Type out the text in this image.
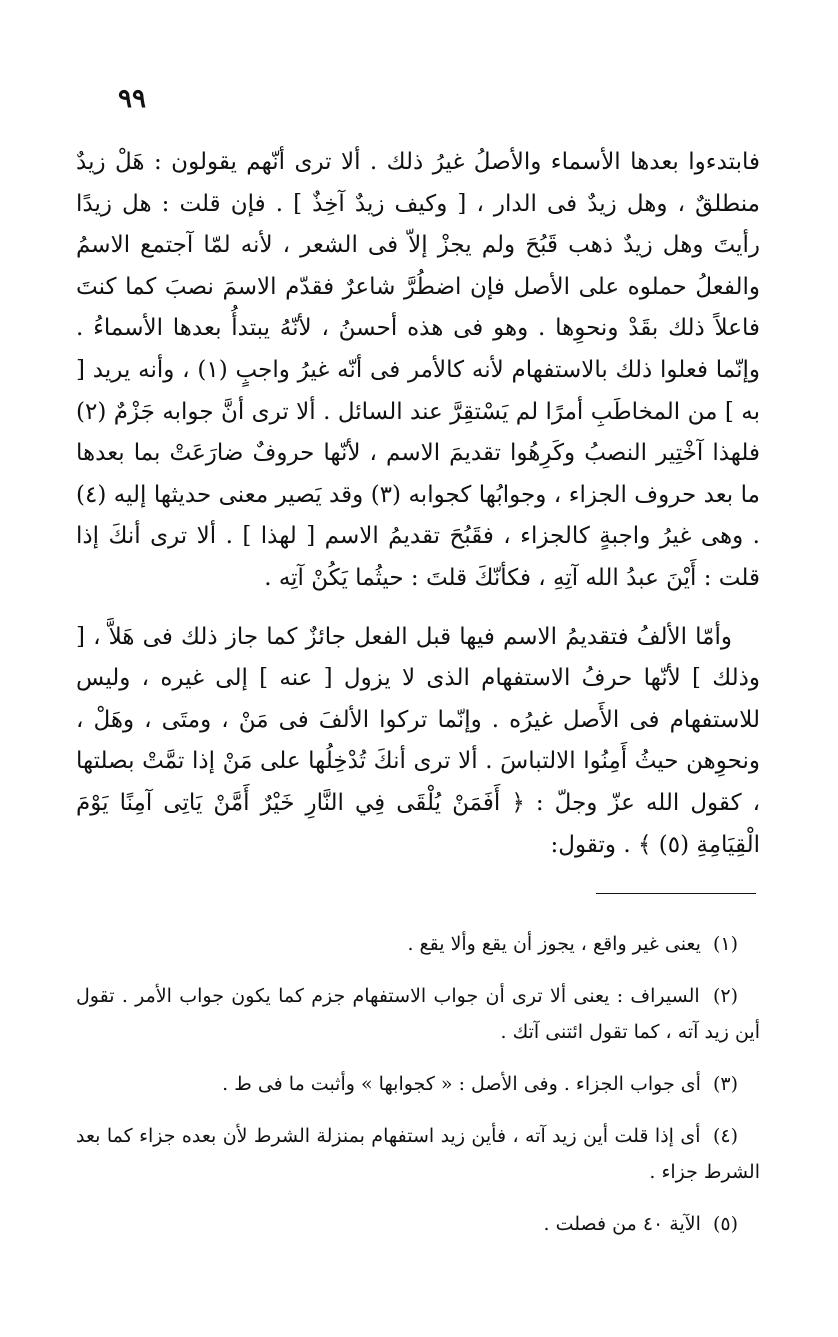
٩٩

فابتدءوا بعدها الأسماء والأصلُ غيرُ ذلك . ألا ترى أنّهم يقولون : هَلْ زيدٌ منطلقٌ ، وهل زيدٌ فى الدار ، [ وكيف زيدٌ آخِذٌ ] . فإن قلت : هل زيدًا رأيتَ وهل زيدٌ ذهب قَبُحَ ولم يجزْ إلاّ فى الشعر ، لأنه لمّا آجتمع الاسمُ والفعلُ حملوه على الأصل فإن اضطُرَّ شاعرٌ فقدّم الاسمَ نصبَ كما كنتَ فاعلاً ذلك بقَدْ ونحوِها . وهو فى هذه أحسنُ ، لأنّهُ يبتدأُ بعدها الأسماءُ . وإنّما فعلوا ذلك بالاستفهام لأنه كالأمر فى أنّه غيرُ واجبٍ (١) ، وأنه يريد [ به ] من المخاطَبِ أمرًا لم يَسْتقِرَّ عند السائل . ألا ترى أنَّ جوابه جَزْمٌ (٢) فلهذا آخْتِير النصبُ وكَرِهُوا تقديمَ الاسم ، لأنّها حروفٌ ضارَعَتْ بما بعدها ما بعد حروف الجزاء ، وجوابُها كجوابه (٣) وقد يَصير معنى حديثها إليه (٤) . وهى غيرُ واجبةٍ كالجزاء ، فقَبُحَ تقديمُ الاسم [ لهذا ] . ألا ترى أنكَ إذا قلت : أَيْنَ عبدُ الله آتِهِ ، فكأنّكَ قلتَ : حيثُما يَكُنْ آتِه .

وأمّا الألفُ فتقديمُ الاسم فيها قبل الفعل جائزٌ كما جاز ذلك فى هَلاَّ ، [ وذلك ] لأنّها حرفُ الاستفهام الذى لا يزول [ عنه ] إلى غيره ، وليس للاستفهام فى الأَصل غيرُه . وإنّما تركوا الألفَ فى مَنْ ، ومتَى ، وهَلْ ، ونحوِهن حيثُ أَمِنُوا الالتباسَ . ألا ترى أنكَ تُدْخِلُها على مَنْ إذا تمَّتْ بصلتها ، كقول الله عزّ وجلّ : ﴿ أَفَمَنْ يُلْقَى فِي النَّارِ خَيْرٌ أَمَّنْ يَاتِى آمِنًا يَوْمَ الْقِيَامِةِ (٥) ﴾ . وتقول:

(١) يعنى غير واقع ، يجوز أن يقع وألا يقع .

(٢) السيراف : يعنى ألا ترى أن جواب الاستفهام جزم كما يكون جواب الأمر . تقول أين زيد آته ، كما تقول ائتنى آتك .

(٣) أى جواب الجزاء . وفى الأصل : « كجوابها » وأثبت ما فى ط .

(٤) أى إذا قلت أين زيد آته ، فأين زيد استفهام بمنزلة الشرط لأن بعده جزاء كما بعد الشرط جزاء .

(٥) الآية ٤٠ من فصلت .
